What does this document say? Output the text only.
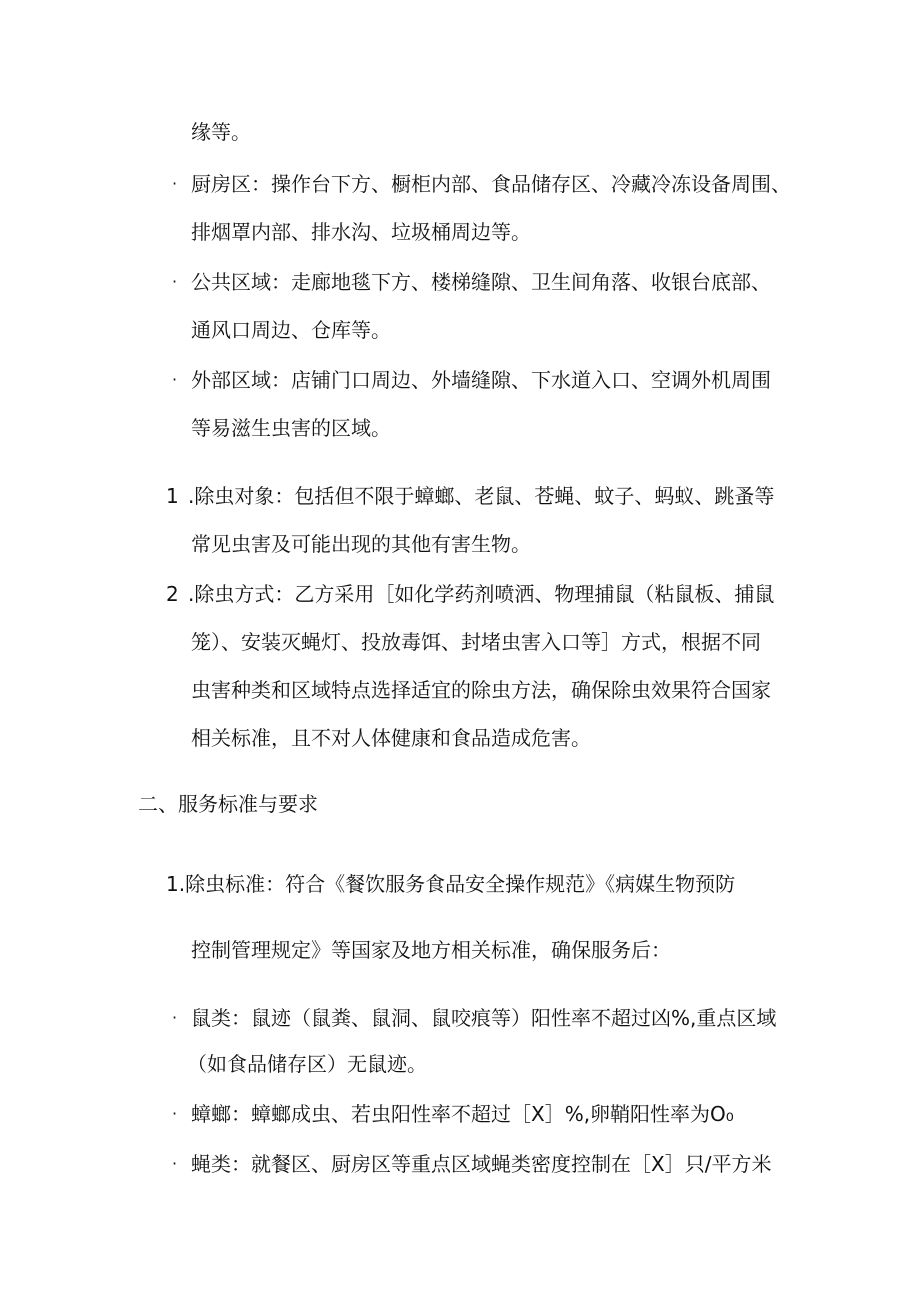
缘等。
· 厨房区：操作台下方、橱柜内部、食品储存区、冷藏冷冻设备周围、
排烟罩内部、排水沟、垃圾桶周边等。
· 公共区域：走廊地毯下方、楼梯缝隙、卫生间角落、收银台底部、
通风口周边、仓库等。
· 外部区域：店铺门口周边、外墙缝隙、下水道入口、空调外机周围
等易滋生虫害的区域。
1 .除虫对象：包括但不限于蟑螂、老鼠、苍蝇、蚊子、蚂蚁、跳蚤等
常见虫害及可能出现的其他有害生物。
2 .除虫方式：乙方采用［如化学药剂喷洒、物理捕鼠（粘鼠板、捕鼠
笼）、安装灭蝇灯、投放毒饵、封堵虫害入口等］方式，根据不同
虫害种类和区域特点选择适宜的除虫方法，确保除虫效果符合国家
相关标准，且不对人体健康和食品造成危害。
二、服务标准与要求
1.除虫标准：符合《餐饮服务食品安全操作规范》《病媒生物预防
控制管理规定》等国家及地方相关标准，确保服务后：
· 鼠类：鼠迹（鼠粪、鼠洞、鼠咬痕等）阳性率不超过凶%,重点区域
（如食品储存区）无鼠迹。
· 蟑螂：蟑螂成虫、若虫阳性率不超过［X］%,卵鞘阳性率为O₀
· 蝇类：就餐区、厨房区等重点区域蝇类密度控制在［X］只/平方米
